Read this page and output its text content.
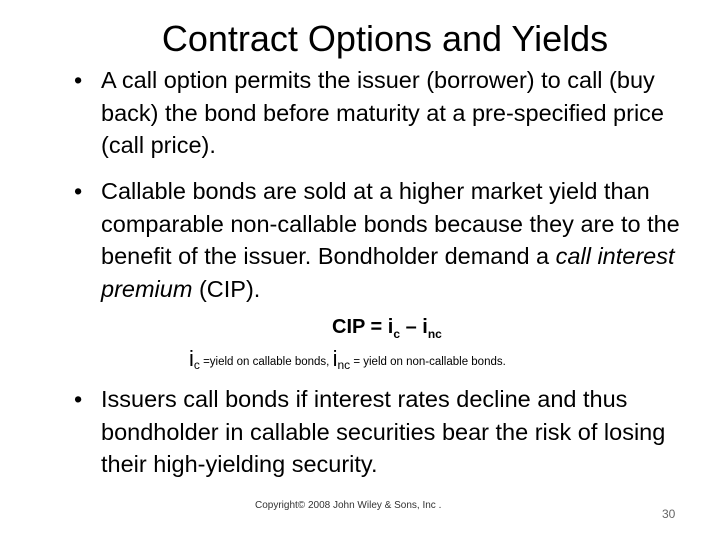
Contract Options and Yields
• A call option permits the issuer (borrower) to call (buy back) the bond before maturity at a pre-specified price (call price).
• Callable bonds are sold at a higher market yield than comparable non-callable bonds because they are to the benefit of the issuer. Bondholder demand a call interest premium (CIP).
CIP = $i_c - i_{nc}$
ic =yield on callable bonds, inc = yield on non-callable bonds.
• Issuers call bonds if interest rates decline and thus bondholder in callable securities bear the risk of losing their high-yielding security.
Copyright© 2008 John Wiley & Sons, Inc .
30
